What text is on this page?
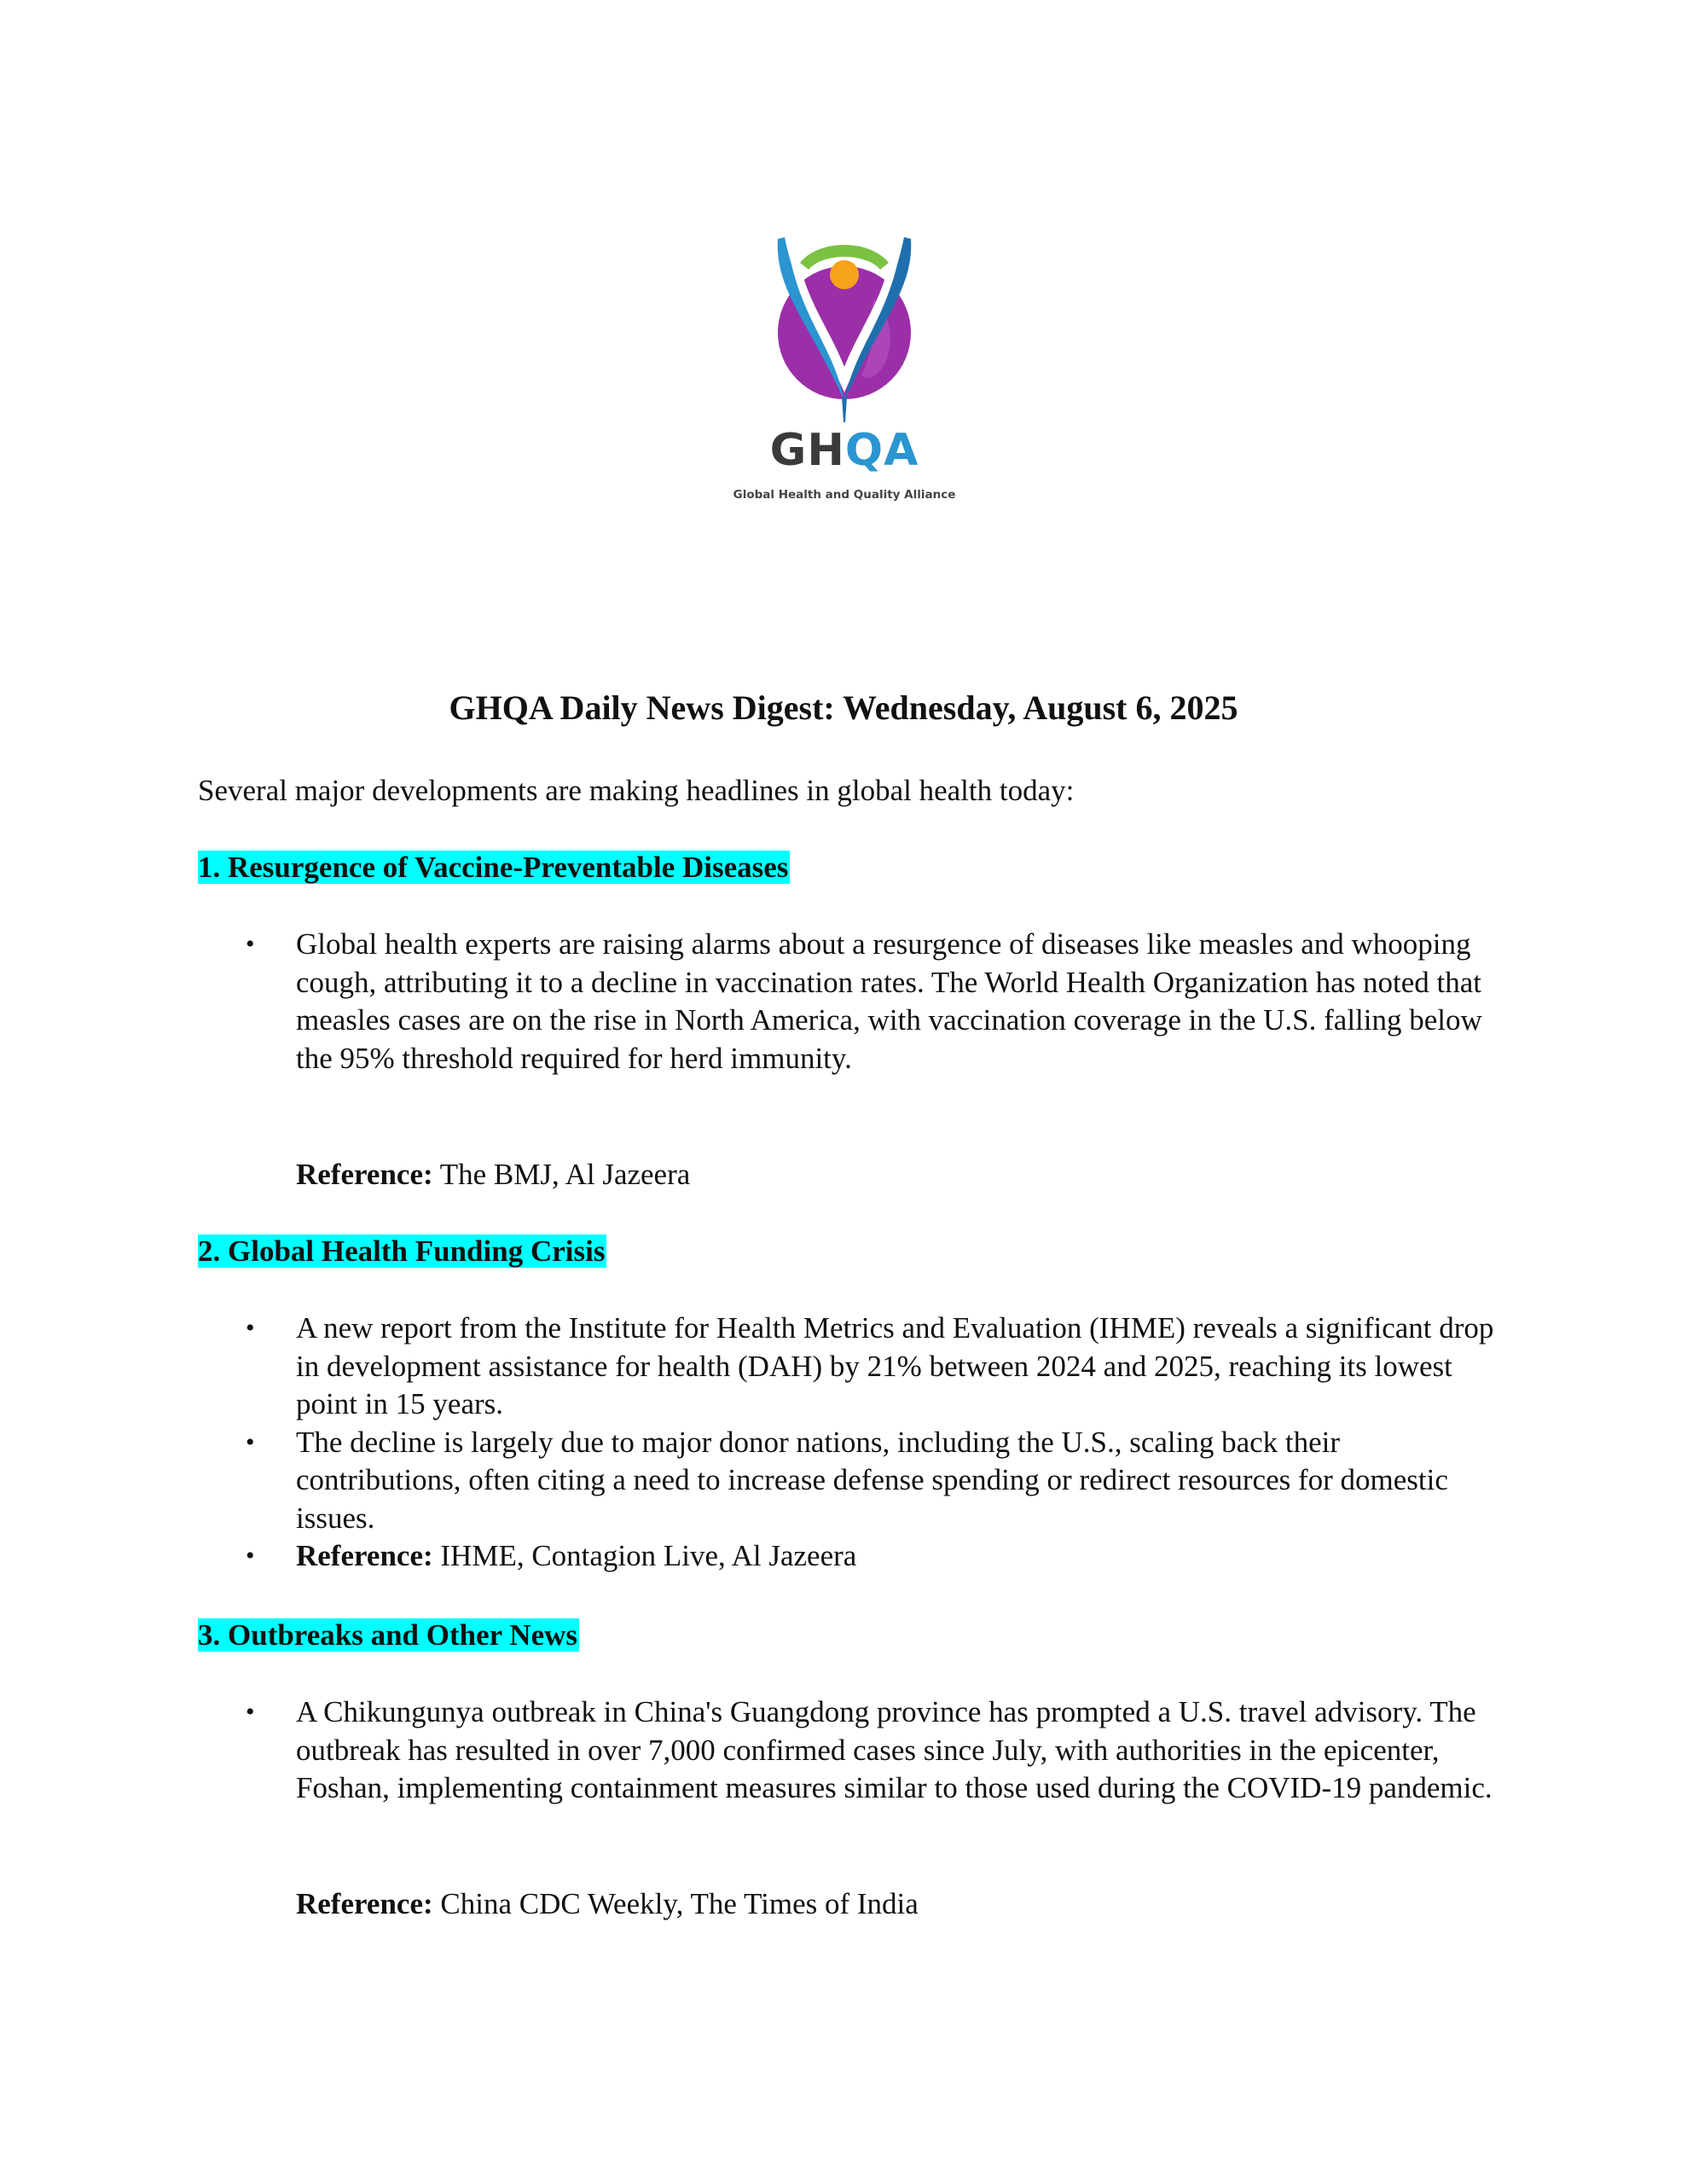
GHQA
Global Health and Quality Alliance
GHQA Daily News Digest: Wednesday, August 6, 2025
Several major developments are making headlines in global health today:
1. Resurgence of Vaccine-Preventable Diseases
• Global health experts are raising alarms about a resurgence of diseases like measles and whooping cough, attributing it to a decline in vaccination rates. The World Health Organization has noted that measles cases are on the rise in North America, with vaccination coverage in the U.S. falling below the 95% threshold required for herd immunity.
Reference: The BMJ, Al Jazeera
2. Global Health Funding Crisis
• A new report from the Institute for Health Metrics and Evaluation (IHME) reveals a significant drop in development assistance for health (DAH) by 21% between 2024 and 2025, reaching its lowest point in 15 years.
• The decline is largely due to major donor nations, including the U.S., scaling back their contributions, often citing a need to increase defense spending or redirect resources for domestic issues.
• Reference: IHME, Contagion Live, Al Jazeera
3. Outbreaks and Other News
• A Chikungunya outbreak in China's Guangdong province has prompted a U.S. travel advisory. The outbreak has resulted in over 7,000 confirmed cases since July, with authorities in the epicenter, Foshan, implementing containment measures similar to those used during the COVID-19 pandemic.
Reference: China CDC Weekly, The Times of India
